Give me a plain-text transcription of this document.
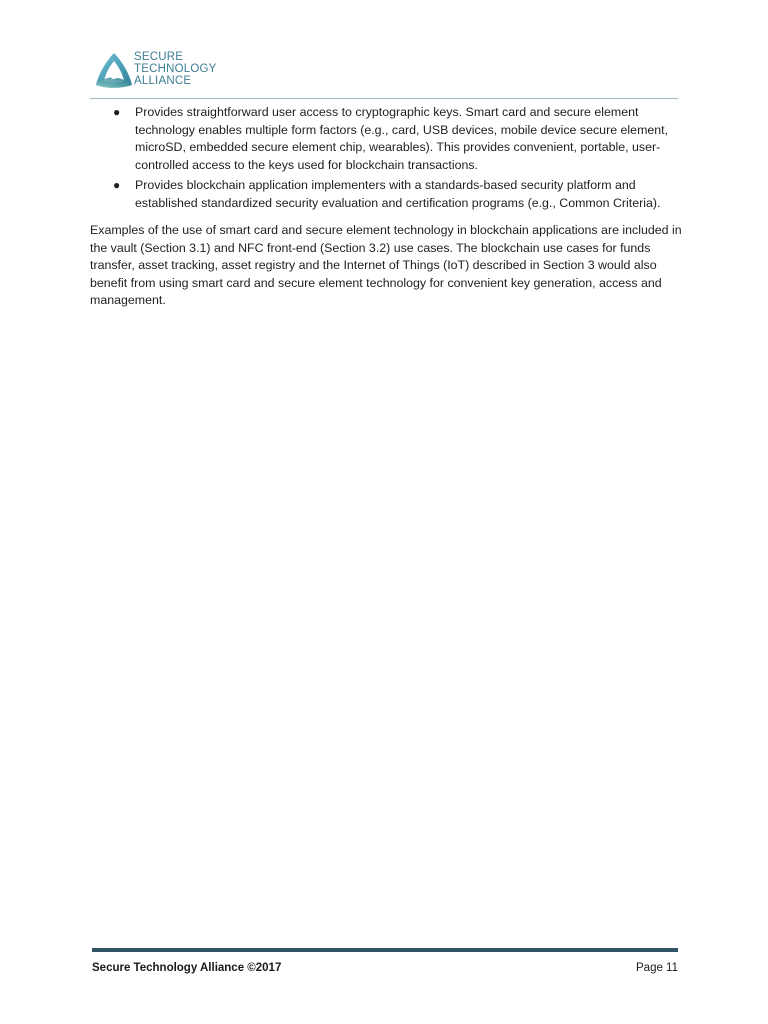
SECURE
TECHNOLOGY
ALLIANCE
● Provides straightforward user access to cryptographic keys. Smart card and secure element technology enables multiple form factors (e.g., card, USB devices, mobile device secure element, microSD, embedded secure element chip, wearables). This provides convenient, portable, user-controlled access to the keys used for blockchain transactions.
● Provides blockchain application implementers with a standards-based security platform and established standardized security evaluation and certification programs (e.g., Common Criteria).

Examples of the use of smart card and secure element technology in blockchain applications are included in the vault (Section 3.1) and NFC front-end (Section 3.2) use cases. The blockchain use cases for funds transfer, asset tracking, asset registry and the Internet of Things (IoT) described in Section 3 would also benefit from using smart card and secure element technology for convenient key generation, access and management.

Secure Technology Alliance ©2017	Page 11
